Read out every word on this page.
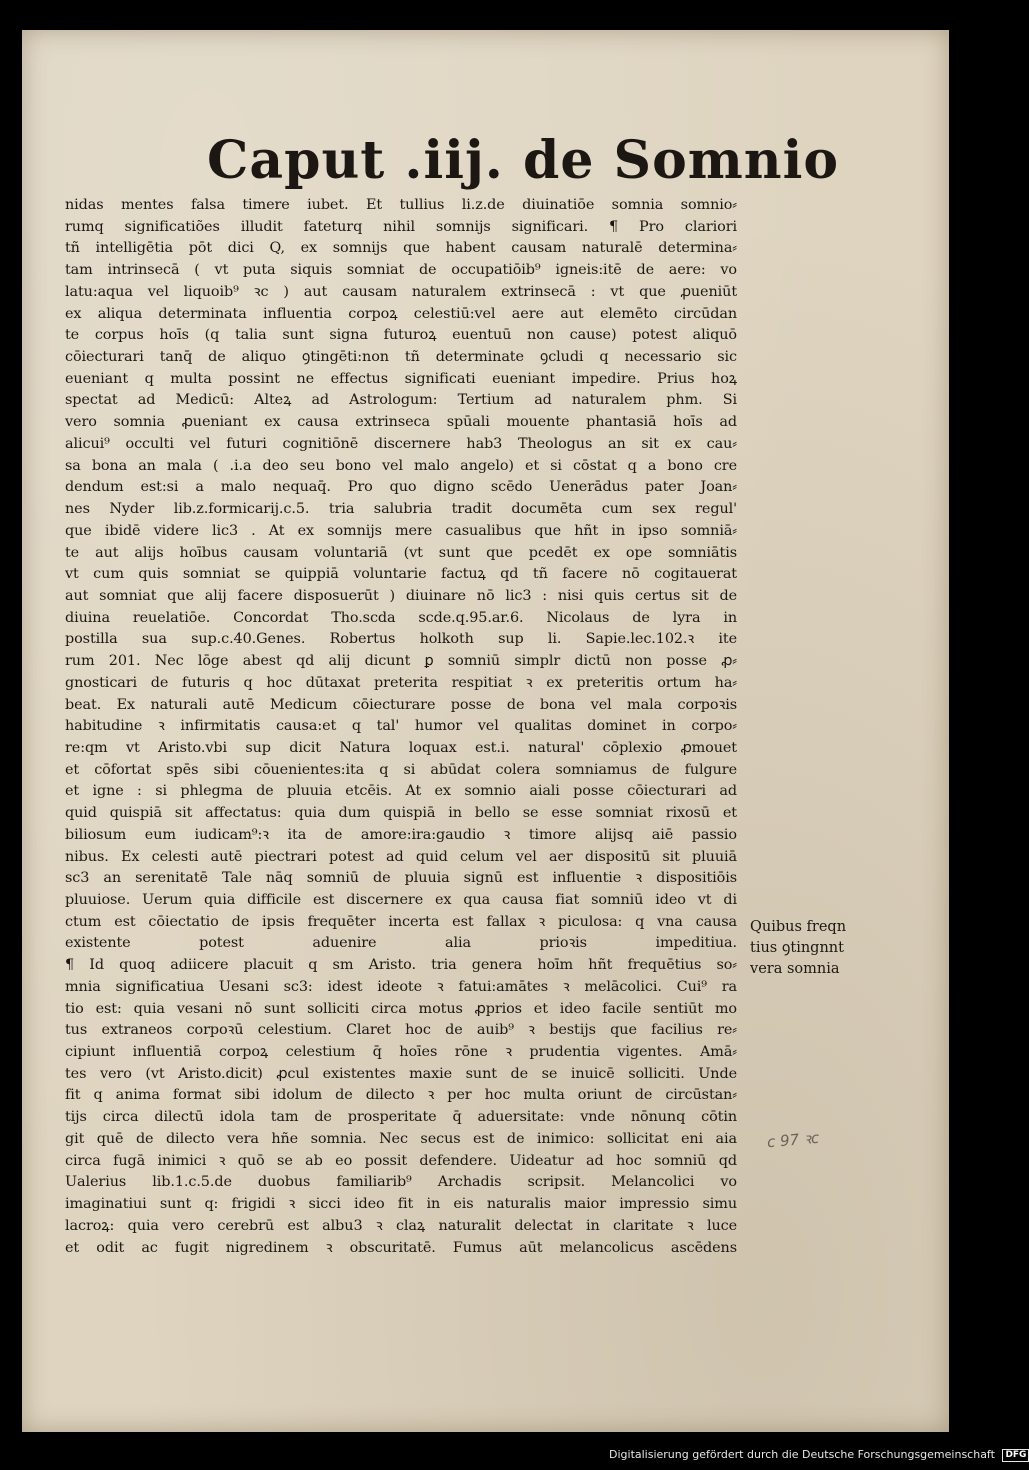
Caput .iij. de Somnio
nidas mentes falsa timere iubet. Et tullius li.z.de diuinatiōe somnia somnio⸗
rumq significatiões illudit fateturq nihil somnijs significari. ¶ Pro clariori
tñ intelligētia pōt dici Q, ex somnijs que habent causam naturalē determina⸗
tam intrinsecā ( vt puta siquis somniat de occupatiōib⁹ igneis:itē de aere: vo
latu:aqua vel liquoib⁹ ꝛc ) aut causam naturalem extrinsecā : vt que ꝓueniūt
ex aliqua determinata influentia corpoꝝ celestiū:vel aere aut elemēto circūdan
te corpus hoīs (q talia sunt signa futuroꝝ euentuū non cause) potest aliquō
cōiecturari tanq̄ de aliquo ꝯtingēti:non tñ determinate ꝯcludi q necessario sic
eueniant q multa possint ne effectus significati eueniant impedire. Prius hoꝝ
spectat ad Medicū: Alteꝝ ad Astrologum: Tertium ad naturalem phm. Si
vero somnia ꝓueniant ex causa extrinseca spūali mouente phantasiā hoīs ad
alicui⁹ occulti vel futuri cognitiōnē discernere hab3 Theologus an sit ex cau⸗
sa bona an mala ( .i.a deo seu bono vel malo angelo) et si cōstat q a bono cre
dendum est:si a malo nequaq̄. Pro quo digno scēdo Uenerādus pater Joan⸗
nes Nyder lib.z.formicarij.c.5. tria salubria tradit documēta cum sex regul'
que ibidē videre lic3 . At ex somnijs mere casualibus que hñt in ipso somniā⸗
te aut alijs hoībus causam voluntariā (vt sunt que pcedēt ex ope somniātis
vt cum quis somniat se quippiā voluntarie factuꝝ qd tñ facere nō cogitauerat
aut somniat que alij facere disposuerūt ) diuinare nō lic3 : nisi quis certus sit de
diuina reuelatiōe. Concordat Tho.scda scde.q.95.ar.6. Nicolaus de lyra in
postilla sua sup.c.40.Genes. Robertus holkoth sup li. Sapie.lec.102.ꝛ ite
rum 201. Nec lōge abest qd alij dicunt ꝑ somniū simplr dictū non posse ꝓ⸗
gnosticari de futuris q hoc dūtaxat preterita respitiat ꝛ ex preteritis ortum ha⸗
beat. Ex naturali autē Medicum cōiecturare posse de bona vel mala corpoꝛis
habitudine ꝛ infirmitatis causa:et q tal' humor vel qualitas dominet in corpo⸗
re:qm vt Aristo.vbi sup dicit Natura loquax est.i. natural' cōplexio ꝓmouet
et cōfortat spēs sibi cōuenientes:ita q si abūdat colera somniamus de fulgure
et igne : si phlegma de pluuia etcēis. At ex somnio aiali posse cōiecturari ad
quid quispiā sit affectatus: quia dum quispiā in bello se esse somniat rixosū et
biliosum eum iudicam⁹:ꝛ ita de amore:ira:gaudio ꝛ timore alijsq aiē passio
nibus. Ex celesti autē piectrari potest ad quid celum vel aer dispositū sit pluuiā
sc3 an serenitatē Tale nāq somniū de pluuia signū est influentie ꝛ dispositiōis
pluuiose. Uerum quia difficile est discernere ex qua causa fiat somniū ideo vt di
ctum est cōiectatio de ipsis frequēter incerta est fallax ꝛ piculosa: q vna causa
existente potest aduenire alia prioꝛis impeditiua.
¶ Id quoq adiicere placuit q sm Aristo. tria genera hoīm hñt frequētius so⸗
mnia significatiua Uesani sc3: idest ideote ꝛ fatui:amātes ꝛ melācolici. Cui⁹ ra
tio est: quia vesani nō sunt solliciti circa motus ꝓprios et ideo facile sentiūt mo
tus extraneos corpoꝛū celestium. Claret hoc de auib⁹ ꝛ bestijs que facilius re⸗
cipiunt influentiā corpoꝝ celestium q̄ hoīes rōne ꝛ prudentia vigentes. Amā⸗
tes vero (vt Aristo.dicit) ꝓcul existentes maxie sunt de se inuicē solliciti. Unde
fit q anima format sibi idolum de dilecto ꝛ per hoc multa oriunt de circūstan⸗
tijs circa dilectū idola tam de prosperitate q̄ aduersitate: vnde nōnunq cōtin
git quē de dilecto vera hñe somnia. Nec secus est de inimico: sollicitat eni aia
circa fugā inimici ꝛ quō se ab eo possit defendere. Uideatur ad hoc somniū qd
Ualerius lib.1.c.5.de duobus familiarib⁹ Archadis scripsit. Melancolici vo
imaginatiui sunt q: frigidi ꝛ sicci ideo fit in eis naturalis maior impressio simu
lacroꝝ: quia vero cerebrū est albu3 ꝛ claꝝ naturalit delectat in claritate ꝛ luce
et odit ac fugit nigredinem ꝛ obscuritatē. Fumus aūt melancolicus ascēdens
Quibus freqn
tius ꝯtingnnt
vera somnia
c 97 ꝛc
Digitalisierung gefördert durch die Deutsche Forschungsgemeinschaft DFG
